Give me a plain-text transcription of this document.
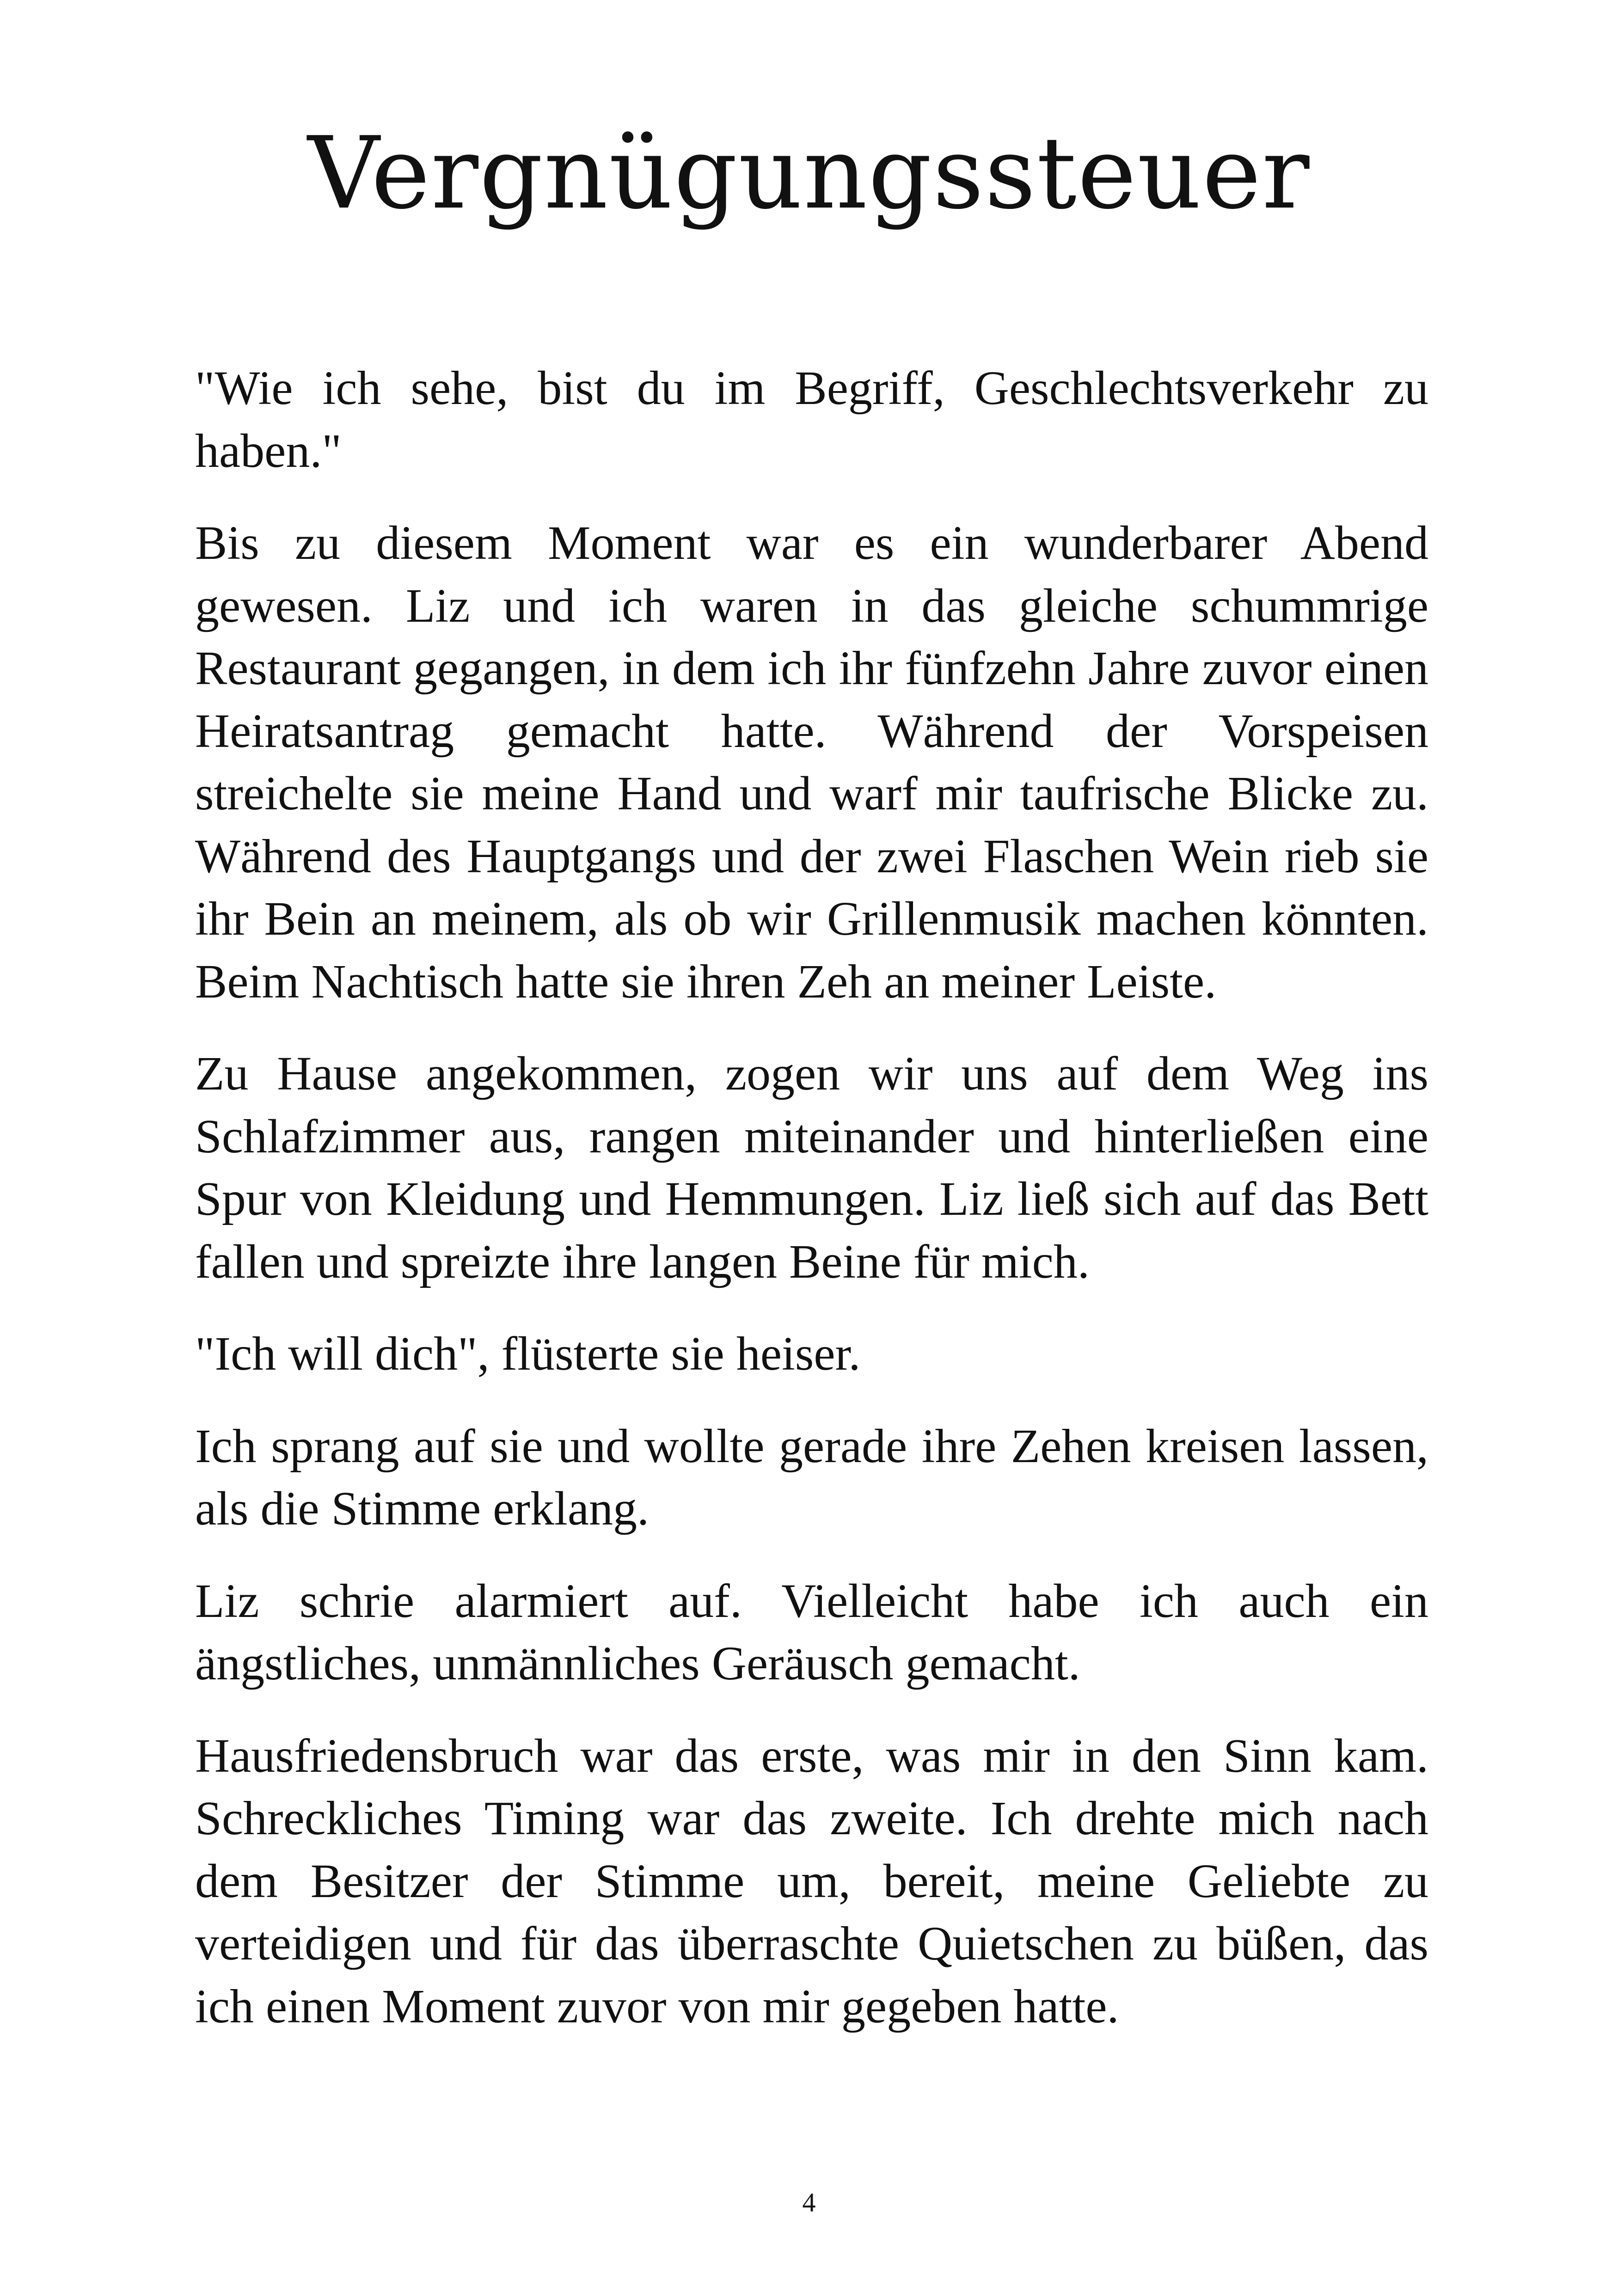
Vergnügungssteuer

"Wie ich sehe, bist du im Begriff, Geschlechtsverkehr zu haben."

Bis zu diesem Moment war es ein wunderbarer Abend gewesen. Liz und ich waren in das gleiche schummrige Restaurant gegangen, in dem ich ihr fünfzehn Jahre zuvor einen Heiratsantrag gemacht hatte. Während der Vorspeisen streichelte sie meine Hand und warf mir taufrische Blicke zu. Während des Hauptgangs und der zwei Flaschen Wein rieb sie ihr Bein an meinem, als ob wir Grillenmusik machen könnten. Beim Nachtisch hatte sie ihren Zeh an meiner Leiste.

Zu Hause angekommen, zogen wir uns auf dem Weg ins Schlafzimmer aus, rangen miteinander und hinterließen eine Spur von Kleidung und Hemmungen. Liz ließ sich auf das Bett fallen und spreizte ihre langen Beine für mich.

"Ich will dich", flüsterte sie heiser.

Ich sprang auf sie und wollte gerade ihre Zehen kreisen lassen, als die Stimme erklang.

Liz schrie alarmiert auf. Vielleicht habe ich auch ein ängstliches, unmännliches Geräusch gemacht.

Hausfriedensbruch war das erste, was mir in den Sinn kam. Schreckliches Timing war das zweite. Ich drehte mich nach dem Besitzer der Stimme um, bereit, meine Geliebte zu verteidigen und für das überraschte Quietschen zu büßen, das ich einen Moment zuvor von mir gegeben hatte.

4
